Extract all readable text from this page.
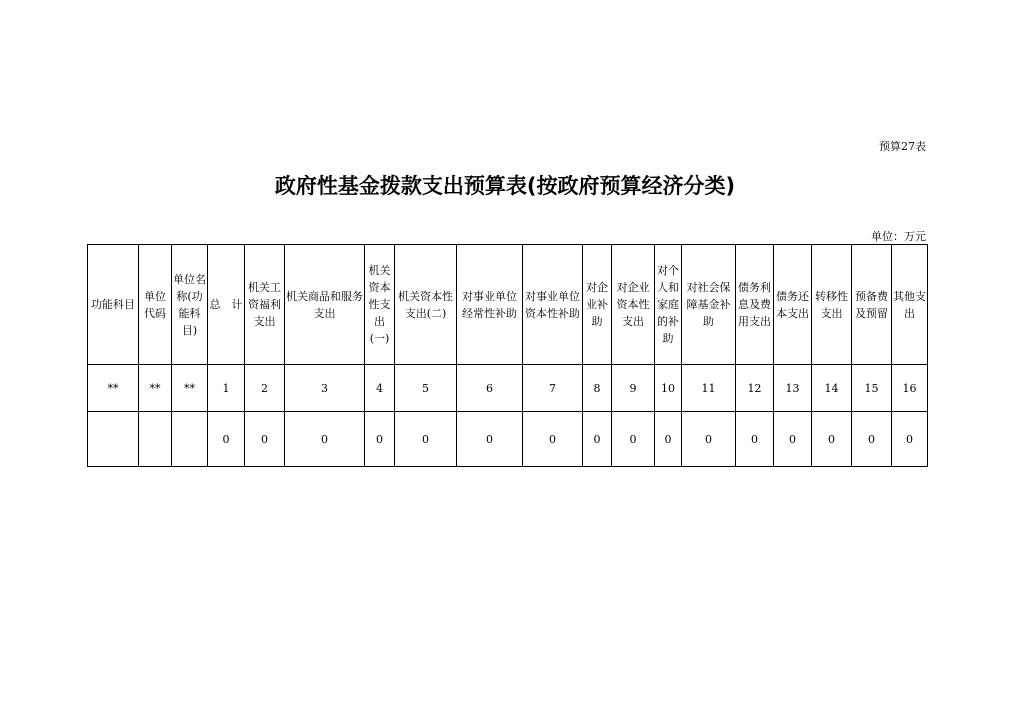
预算27表
政府性基金拨款支出预算表(按政府预算经济分类)
单位：万元
功能科目	单位代码	单位名称(功能科目)	总　计	机关工资福利支出	机关商品和服务支出	机关资本性支出(一)	机关资本性支出(二)	对事业单位经常性补助	对事业单位资本性补助	对企业补助	对企业资本性支出	对个人和家庭的补助	对社会保障基金补助	债务利息及费用支出	债务还本支出	转移性支出	预备费及预留	其他支出
**	**	**	1	2	3	4	5	6	7	8	9	10	11	12	13	14	15	16
			0	0	0	0	0	0	0	0	0	0	0	0	0	0	0	0
